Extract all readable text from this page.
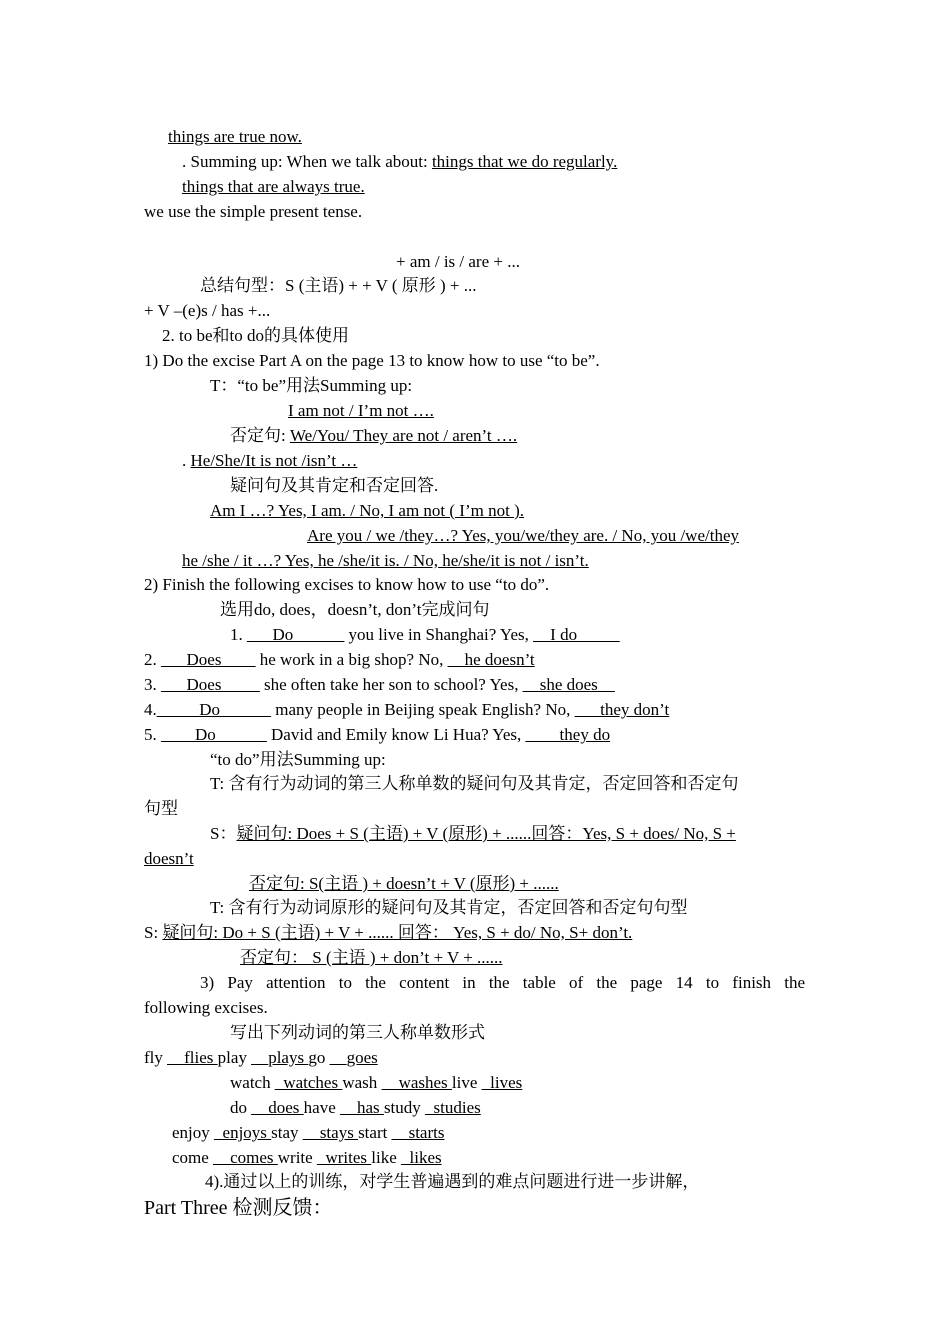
things are true now.
. Summing up: When we talk about: things that we do regularly.
things that are always true.
we use the simple present tense.
+ am / is / are + ...
总结句型：S (主语) + + V ( 原形 ) + ...
+ V –(e)s / has +...
2. to be和to do的具体使用
1) Do the excise Part A on the page 13 to know how to use “to be”.
T：“to be”用法Summing up:
I am not / I’m not ….
否定句: We/You/ They are not / aren’t ….
. He/She/It is not /isn’t …
疑问句及其肯定和否定回答.
Am I …? Yes, I am. / No, I am not ( I’m not ).
Are you / we /they…? Yes, you/we/they are. / No, you /we/they
he /she / it …? Yes, he /she/it is. / No, he/she/it is not / isn’t.
2) Finish the following excises to know how to use “to do”.
选用do, does，doesn’t, don’t完成问句
1. ___Do______ you live in Shanghai? Yes, __I do_____
2. ___Does____ he work in a big shop? No, __he doesn’t
3. ___Does ____ she often take her son to school? Yes, __she does__
4._____Do______ many people in Beijing speak English? No, ___they don’t
5. ____Do______ David and Emily know Li Hua? Yes, ____they do
“to do”用法Summing up:
T: 含有行为动词的第三人称单数的疑问句及其肯定，否定回答和否定句
句型
S：疑问句: Does + S (主语) + V (原形) + ......回答：Yes, S + does/ No, S +
doesn’t
否定句: S(主语 ) + doesn’t + V (原形) + ......
T: 含有行为动词原形的疑问句及其肯定，否定回答和否定句句型
S: 疑问句: Do + S (主语) + V + ...... 回答： Yes, S + do/ No, S+ don’t.
否定句： S (主语 ) + don’t + V + ......
3) Pay attention to the content in the table of the page 14 to finish the
following excises.
写出下列动词的第三人称单数形式
fly __flies play __plays go __goes
watch _watches wash __washes live _lives
do __does have __has study _studies
enjoy _enjoys stay __stays start __starts
come __comes write _writes like _likes
4).通过以上的训练，对学生普遍遇到的难点问题进行进一步讲解，
Part Three 检测反馈：
